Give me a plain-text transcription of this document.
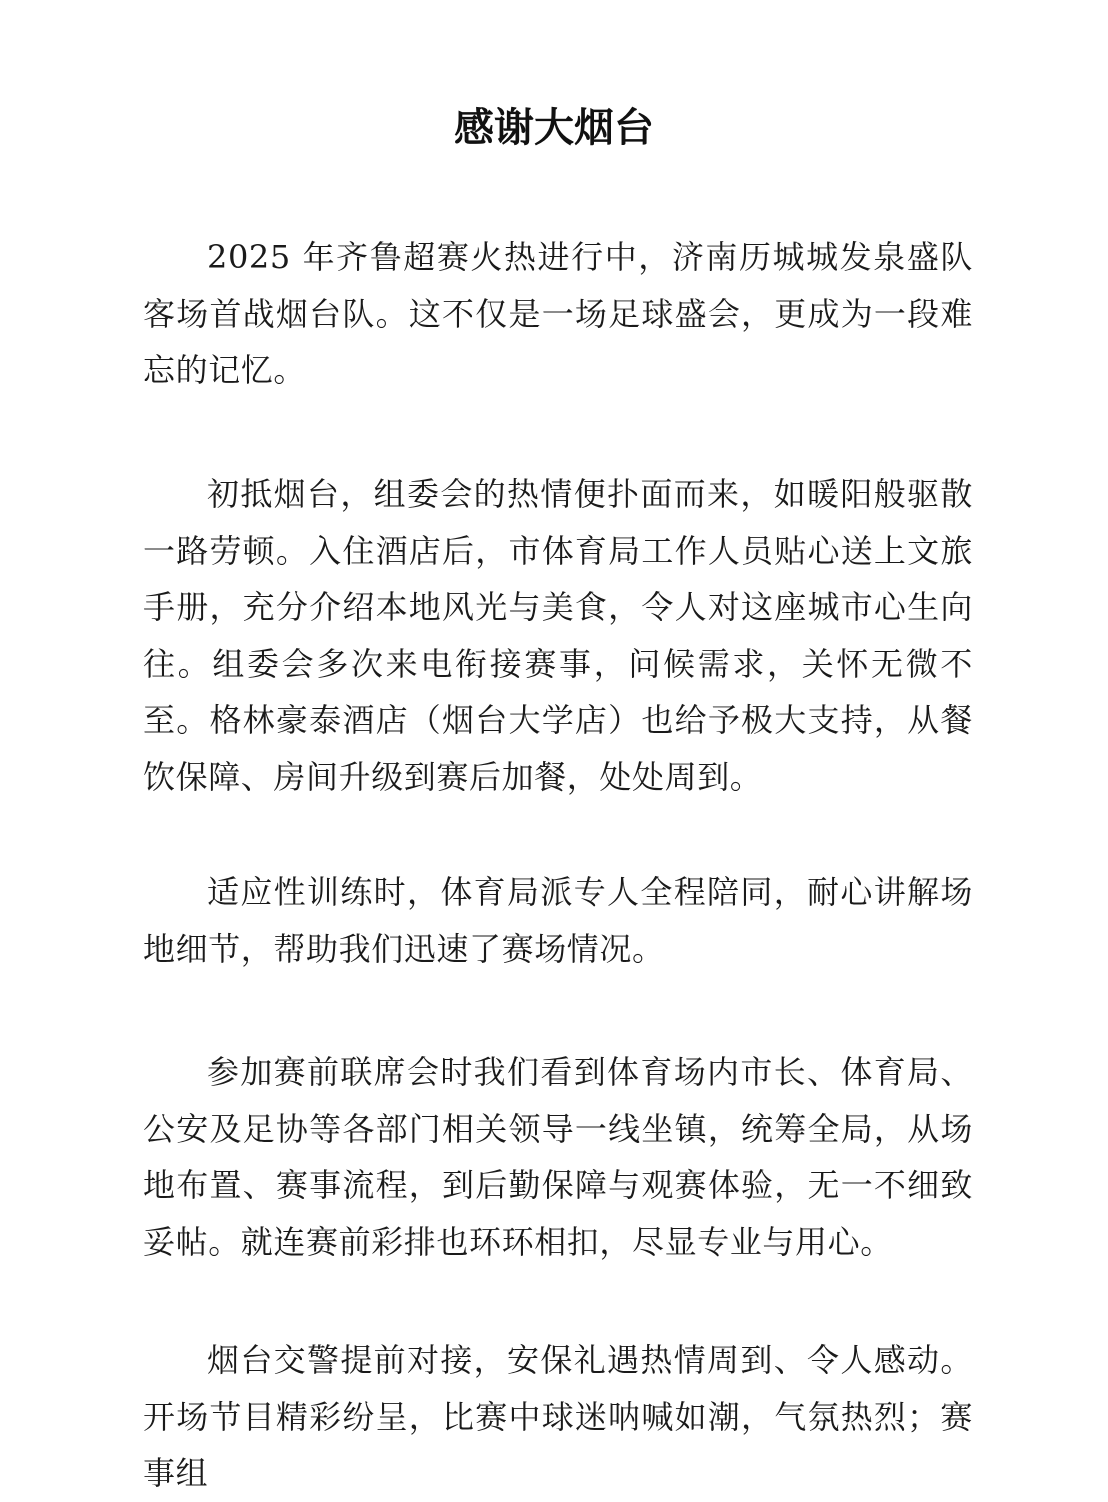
感谢大烟台

2025 年齐鲁超赛火热进行中，济南历城城发泉盛队客场首战烟台队。这不仅是一场足球盛会，更成为一段难忘的记忆。

初抵烟台，组委会的热情便扑面而来，如暖阳般驱散一路劳顿。入住酒店后，市体育局工作人员贴心送上文旅手册，充分介绍本地风光与美食，令人对这座城市心生向往。组委会多次来电衔接赛事，问候需求，关怀无微不至。格林豪泰酒店（烟台大学店）也给予极大支持，从餐饮保障、房间升级到赛后加餐，处处周到。

适应性训练时，体育局派专人全程陪同，耐心讲解场地细节，帮助我们迅速了赛场情况。

参加赛前联席会时我们看到体育场内市长、体育局、公安及足协等各部门相关领导一线坐镇，统筹全局，从场地布置、赛事流程，到后勤保障与观赛体验，无一不细致妥帖。就连赛前彩排也环环相扣，尽显专业与用心。

烟台交警提前对接，安保礼遇热情周到、令人感动。开场节目精彩纷呈，比赛中球迷呐喊如潮，气氛热烈；赛事组
